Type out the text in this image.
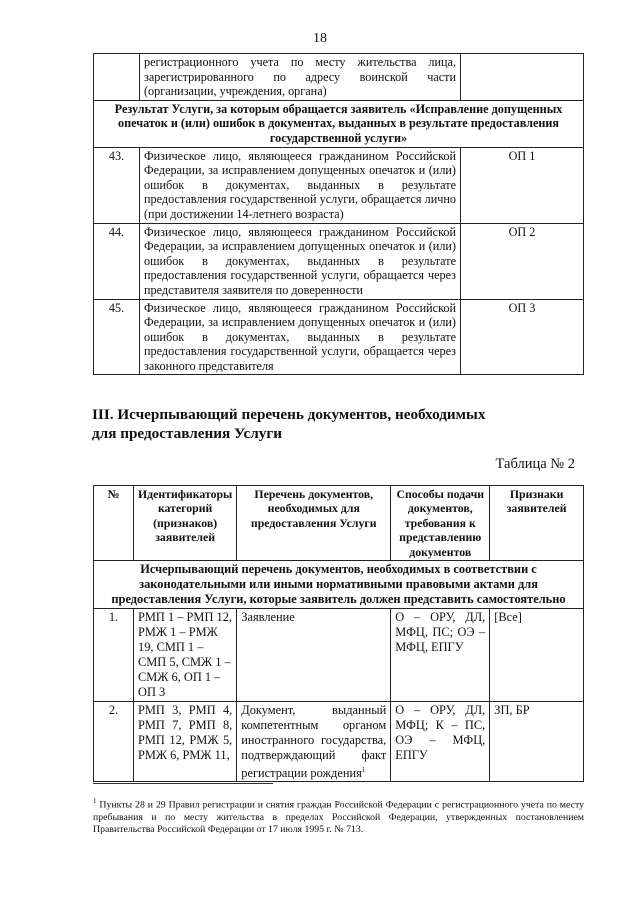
18
	регистрационного учета по месту жительства лица, зарегистрированного по адресу воинской части (организации, учреждения, органа)	
Результат Услуги, за которым обращается заявитель «Исправление допущенных опечаток и (или) ошибок в документах, выданных в результате предоставления государственной услуги»		
43.	Физическое лицо, являющееся гражданином Российской Федерации, за исправлением допущенных опечаток и (или) ошибок в документах, выданных в результате предоставления государственной услуги, обращается лично (при достижении 14-летнего возраста)	ОП 1
44.	Физическое лицо, являющееся гражданином Российской Федерации, за исправлением допущенных опечаток и (или) ошибок в документах, выданных в результате предоставления государственной услуги, обращается через представителя заявителя по доверенности	ОП 2
45.	Физическое лицо, являющееся гражданином Российской Федерации, за исправлением допущенных опечаток и (или) ошибок в документах, выданных в результате предоставления государственной услуги, обращается через законного представителя	ОП 3
III. Исчерпывающий перечень документов, необходимых для предоставления Услуги
Таблица № 2
№	Идентификаторы категорий (признаков) заявителей	Перечень документов, необходимых для предоставления Услуги	Способы подачи документов, требования к представлению документов	Признаки заявителей
Исчерпывающий перечень документов, необходимых в соответствии с законодательными или иными нормативными правовыми актами для предоставления Услуги, которые заявитель должен представить самостоятельно				
1.	РМП 1 – РМП 12, РМЖ 1 – РМЖ 19, СМП 1 – СМП 5, СМЖ 1 – СМЖ 6, ОП 1 – ОП 3	Заявление	О – ОРУ, ДЛ, МФЦ, ПС; ОЭ – МФЦ, ЕПГУ	[Все]
2.	РМП 3, РМП 4, РМП 7, РМП 8, РМП 12, РМЖ 5, РМЖ 6, РМЖ 11,	Документ, выданный компетентным органом иностранного государства, подтверждающий факт регистрации рождения$^1$	О – ОРУ, ДЛ, МФЦ; К – ПС, ОЭ – МФЦ, ЕПГУ	ЗП, БР
$^1$ Пункты 28 и 29 Правил регистрации и снятия граждан Российской Федерации с регистрационного учета по месту пребывания и по месту жительства в пределах Российской Федерации, утвержденных постановлением Правительства Российской Федерации от 17 июля 1995 г. № 713.
